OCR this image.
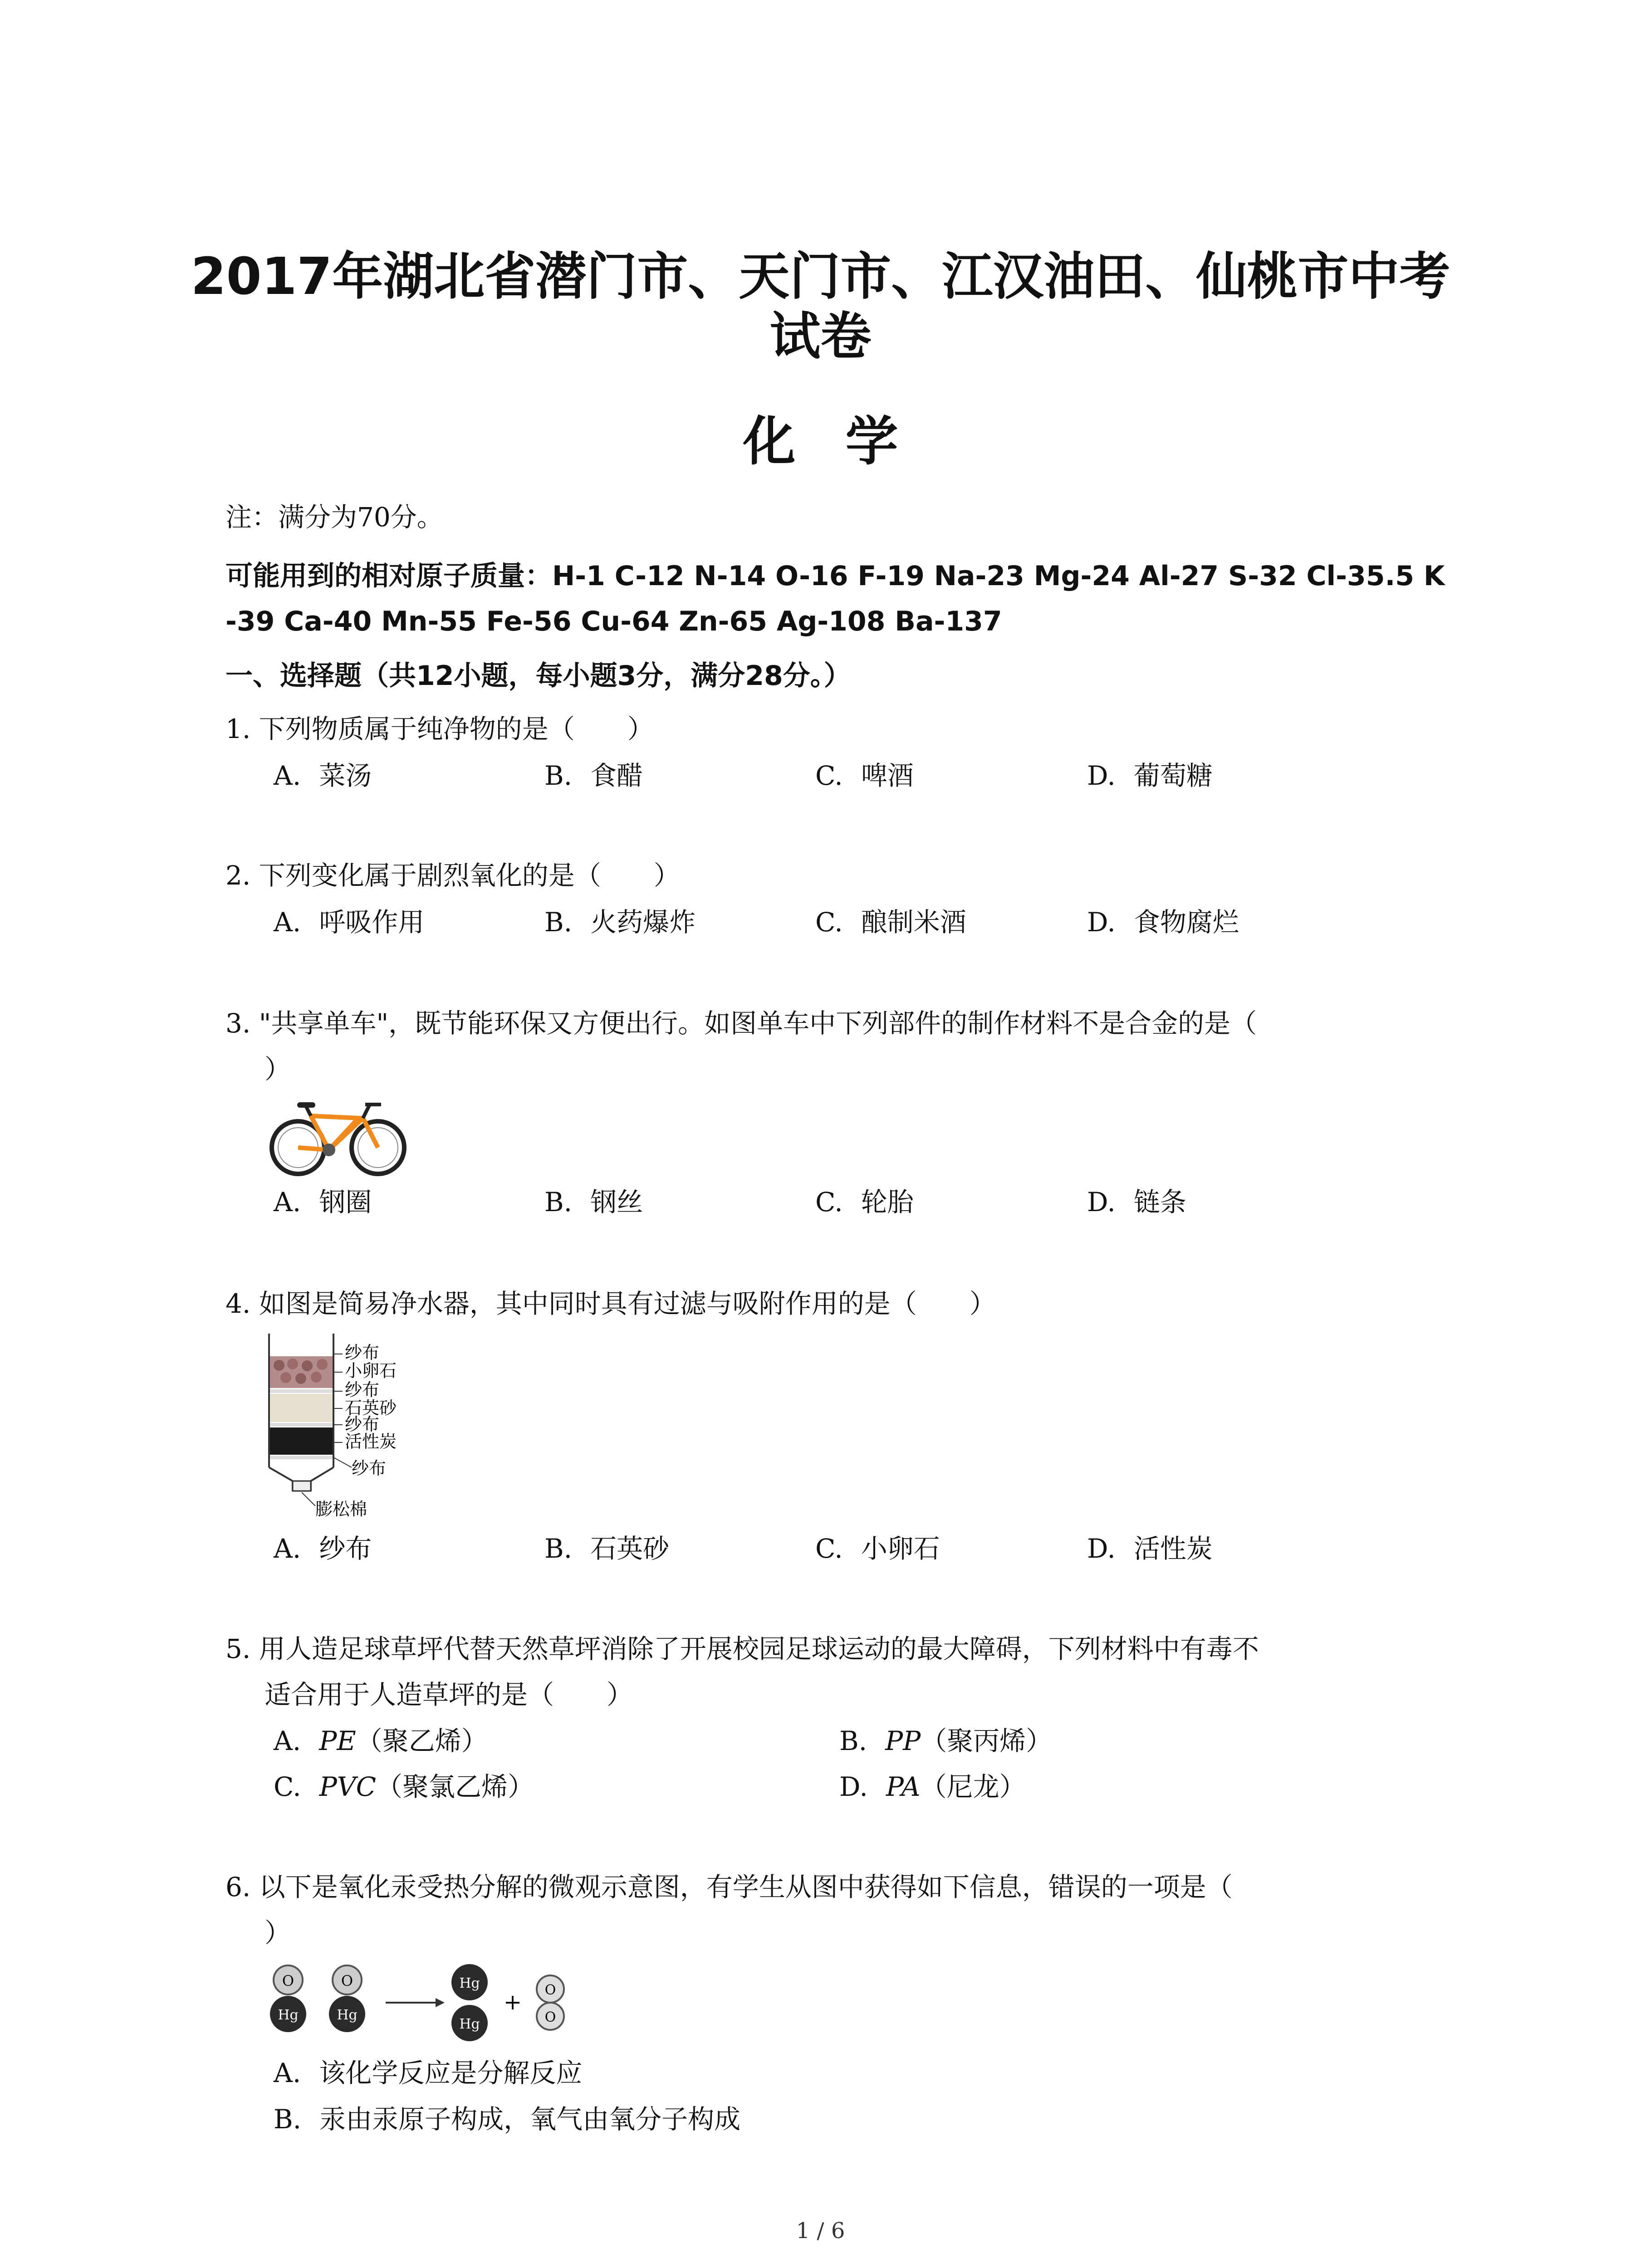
2017年湖北省潜门市、天门市、江汉油田、仙桃市中考
试卷
化学
注：满分为70分。
可能用到的相对原子质量：H-1 C-12 N-14 O-16 F-19 Na-23 Mg-24 Al-27 S-32 Cl-35.5 K
-39 Ca-40 Mn-55 Fe-56 Cu-64 Zn-65 Ag-108 Ba-137
一、选择题（共12小题，每小题3分，满分28分。）
1. 下列物质属于纯净物的是（　　）
A. 菜汤	B. 食醋	C. 啤酒	D. 葡萄糖
2. 下列变化属于剧烈氧化的是（　　）
A. 呼吸作用	B. 火药爆炸	C. 酿制米酒	D. 食物腐烂
3. "共享单车"，既节能环保又方便出行。如图单车中下列部件的制作材料不是合金的是（
）
A. 钢圈	B. 钢丝	C. 轮胎	D. 链条
4. 如图是简易净水器，其中同时具有过滤与吸附作用的是（　　）
纱布
小卵石
纱布
石英砂
纱布
活性炭
纱布
膨松棉
A. 纱布	B. 石英砂	C. 小卵石	D. 活性炭
5. 用人造足球草坪代替天然草坪消除了开展校园足球运动的最大障碍，下列材料中有毒不
适合用于人造草坪的是（　　）
A. PE（聚乙烯）	B. PP（聚丙烯）
C. PVC（聚氯乙烯）	D. PA（尼龙）
6. 以下是氧化汞受热分解的微观示意图，有学生从图中获得如下信息，错误的一项是（
）
O
Hg
O
Hg
Hg
Hg
+ O
O
A. 该化学反应是分解反应
B. 汞由汞原子构成，氧气由氧分子构成
1 / 6
